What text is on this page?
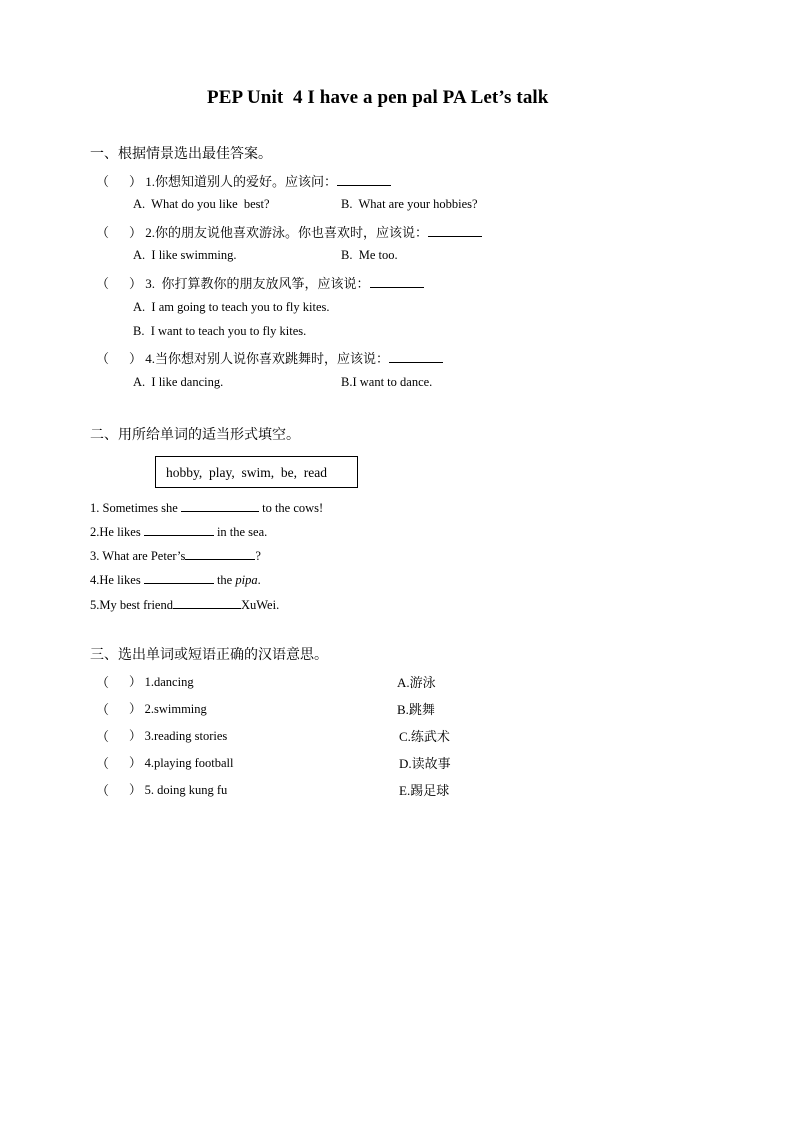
PEP Unit  4 I have a pen pal PA Let’s talk
一、根据情景选出最佳答案。
（ ） 1.你想知道别人的爱好。应该问：
A.  What do you like  best?	B.  What are your hobbies?
（ ） 2.你的朋友说他喜欢游泳。你也喜欢时，应该说：
A.  I like swimming.	B.  Me too.
（ ） 3.  你打算教你的朋友放风筝，应该说：
A.  I am going to teach you to fly kites.
B.  I want to teach you to fly kites.
（ ） 4.当你想对别人说你喜欢跳舞时，应该说：
A.  I like dancing.	B.I want to dance.
二、用所给单词的适当形式填空。
hobby,  play,  swim,  be,  read
1. Sometimes she	to the cows!
2.He likes	in the sea.
3. What are Peter’s	?
4.He likes	the pipa.
5.My best friend	XuWei.
三、选出单词或短语正确的汉语意思。
（ ） 1.dancing	A.游泳
（ ） 2.swimming	B.跳舞
（ ） 3.reading stories	C.练武术
（ ） 4.playing football	D.读故事
（ ） 5. doing kung fu	E.踢足球
